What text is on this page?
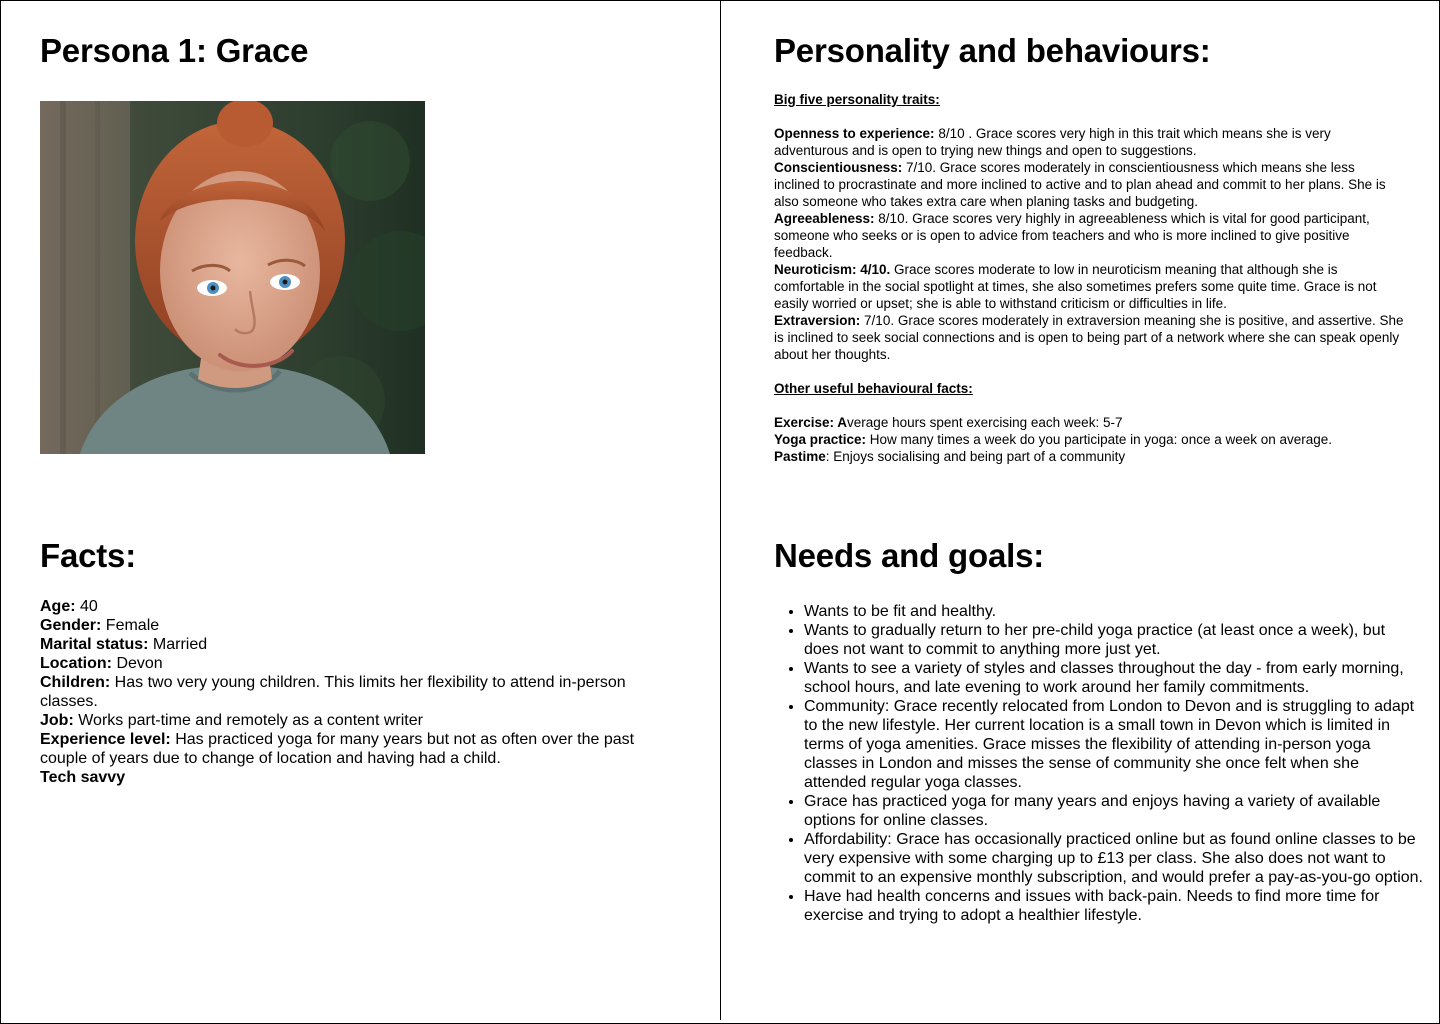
Persona 1: Grace
Facts:

Age: 40

Gender: Female

Marital status: Married

Location: Devon

Children: Has two very young children. This limits her flexibility to attend in-person classes.

Job: Works part-time and remotely as a content writer

Experience level: Has practiced yoga for many years but not as often over the past couple of years due to change of location and having had a child.

Tech savvy

Personality and behaviours:

Big five personality traits:

Openness to experience: 8/10 . Grace scores very high in this trait which means she is very adventurous and is open to trying new things and open to suggestions.

Conscientiousness: 7/10. Grace scores moderately in conscientiousness which means she less inclined to procrastinate and more inclined to active and to plan ahead and commit to her plans. She is also someone who takes extra care when planing tasks and budgeting.

Agreeableness: 8/10. Grace scores very highly in agreeableness which is vital for good participant, someone who seeks or is open to advice from teachers and who is more inclined to give positive feedback.

Neuroticism: 4/10. Grace scores moderate to low in neuroticism meaning that although she is comfortable in the social spotlight at times, she also sometimes prefers some quite time. Grace is not easily worried or upset; she is able to withstand criticism or difficulties in life.

Extraversion: 7/10. Grace scores moderately in extraversion meaning she is positive, and assertive. She is inclined to seek social connections and is open to being part of a network where she can speak openly about her thoughts.

Other useful behavioural facts:

Exercise: Average hours spent exercising each week: 5-7

Yoga practice: How many times a week do you participate in yoga: once a week on average.

Pastime: Enjoys socialising and being part of a community

Needs and goals:
• Wants to be fit and healthy.
• Wants to gradually return to her pre-child yoga practice (at least once a week), but does not want to commit to anything more just yet.
• Wants to see a variety of styles and classes throughout the day - from early morning, school hours, and late evening to work around her family commitments.
• Community: Grace recently relocated from London to Devon and is struggling to adapt to the new lifestyle. Her current location is a small town in Devon which is limited in terms of yoga amenities. Grace misses the flexibility of attending in-person yoga classes in London and misses the sense of community she once felt when she attended regular yoga classes.
• Grace has practiced yoga for many years and enjoys having a variety of available options for online classes.
• Affordability: Grace has occasionally practiced online but as found online classes to be very expensive with some charging up to £13 per class. She also does not want to commit to an expensive monthly subscription, and would prefer a pay-as-you-go option.
• Have had health concerns and issues with back-pain. Needs to find more time for exercise and trying to adopt a healthier lifestyle.
